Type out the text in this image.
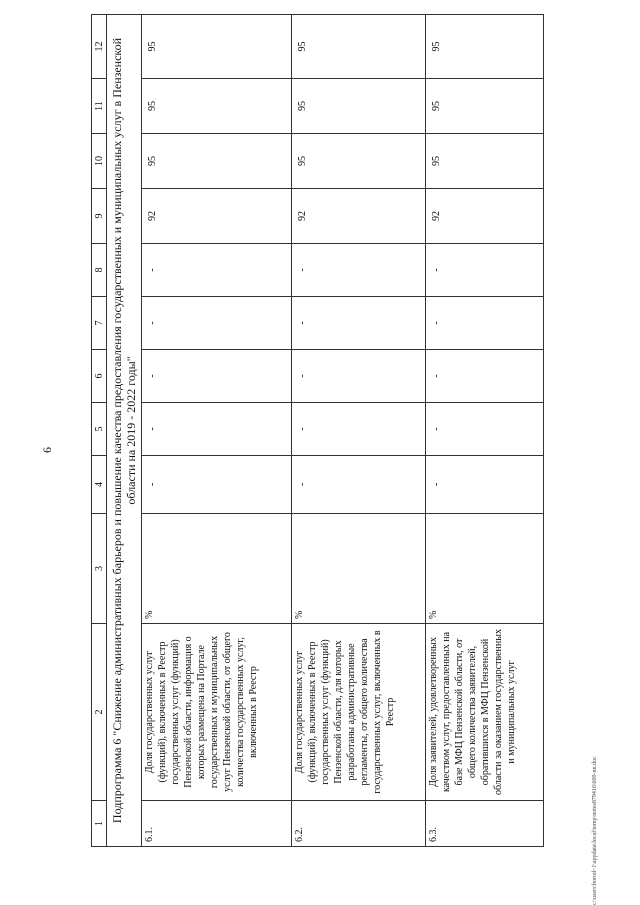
6
1	2	3	4	5	6	7	8	9	10	11	12
Подпрограмма 6 "Снижение административных барьеров и повышение качества предоставления государственных и муниципальных услуг в Пензенской области на 2019 - 2022 годы"											
6.1.	Доля государственных услуг (функций), включенных в Реестр государственных услуг (функций) Пензенской области, информация о которых размещена на Портале государственных и муниципальных услуг Пензенской области, от общего количества государственных услуг, включенных в Реестр	%	-	-	-	-	-	92	95	95	95
6.2.	Доля государственных услуг (функций), включенных в Реестр государственных услуг (функций) Пензенской области, для которых разработаны административные регламенты, от общего количества государственных услуг, включенных в Реестр	%	-	-	-	-	-	92	95	95	95
6.3.	Доля заявителей, удовлетворенных качеством услуг, предоставленных на базе МФЦ Пензенской области, от общего количества заявителей, обратившихся в МФЦ Пензенской области за оказанием государственных и муниципальных услуг	%	-	-	-	-	-	92	95	95	95
c:\users\borod~1\appdata\local\temp\notes879416\600-nn.doc
